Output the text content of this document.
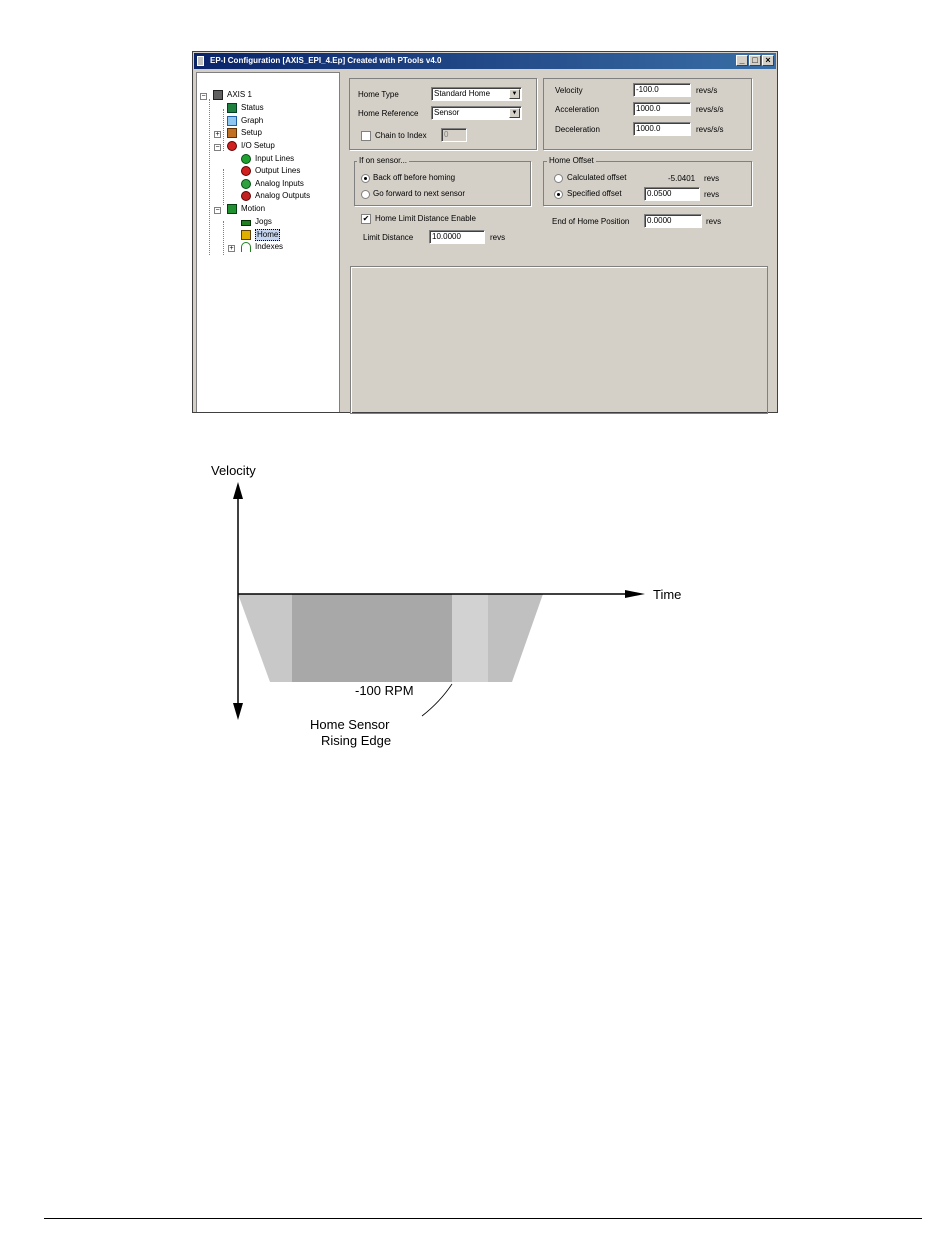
EP-I Configuration [AXIS_EPI_4.Ep] Created with PTools v4.0	_ □ ×
−	AXIS 1
Status
Graph
+	Setup
−	I/O Setup
Input Lines
Output Lines
Analog Inputs
Analog Outputs
−	Motion
Jogs
Home
+	Indexes
Home Type	Standard Home	▼
Home Reference	Sensor	▼
Chain to Index	0
Velocity	-100.0	revs/s
Acceleration	1000.0	revs/s/s
Deceleration	1000.0	revs/s/s
If on sensor...
Back off before homing
Go forward to next sensor
Home Offset
Calculated offset	-5.0401 revs
Specified offset	0.0500	revs
✔ Home Limit Distance Enable
Limit Distance	10.0000	revs
End of Home Position	0.0000	revs
Velocity
Time
-100 RPM
Home Sensor
Rising Edge
